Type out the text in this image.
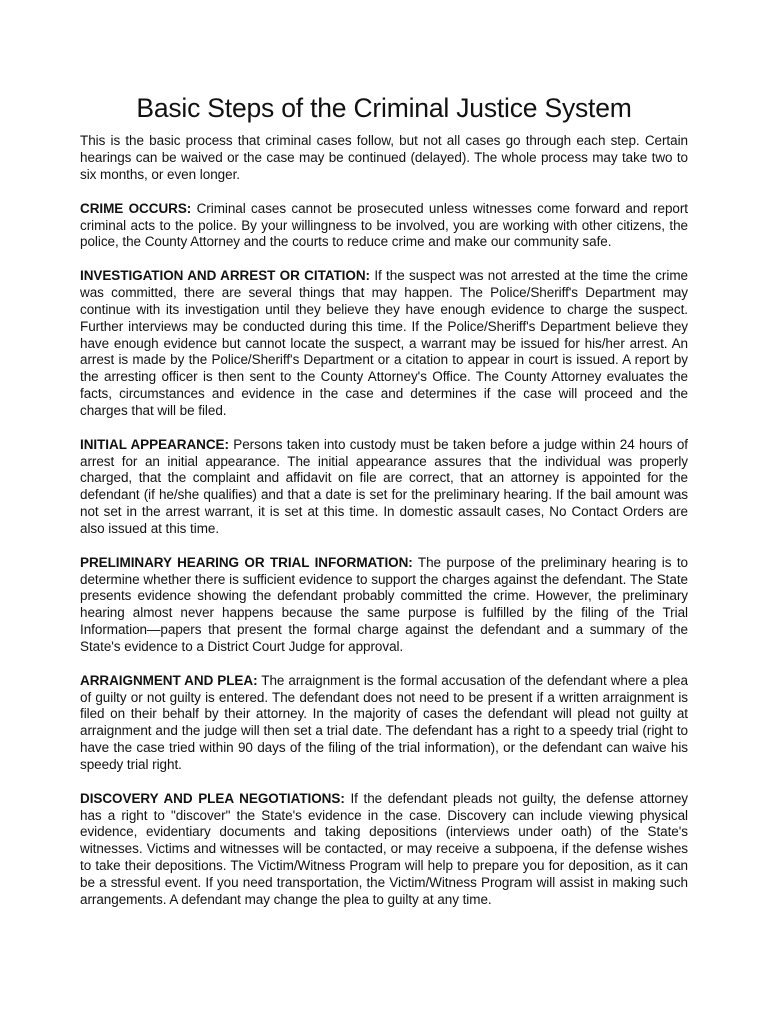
Basic Steps of the Criminal Justice System

This is the basic process that criminal cases follow, but not all cases go through each step. Certain hearings can be waived or the case may be continued (delayed). The whole process may take two to six months, or even longer.

CRIME OCCURS: Criminal cases cannot be prosecuted unless witnesses come forward and report criminal acts to the police. By your willingness to be involved, you are working with other citizens, the police, the County Attorney and the courts to reduce crime and make our community safe.

INVESTIGATION AND ARREST OR CITATION: If the suspect was not arrested at the time the crime was committed, there are several things that may happen. The Police/Sheriff's Department may continue with its investigation until they believe they have enough evidence to charge the suspect. Further interviews may be conducted during this time. If the Police/Sheriff's Department believe they have enough evidence but cannot locate the suspect, a warrant may be issued for his/her arrest. An arrest is made by the Police/Sheriff's Department or a citation to appear in court is issued. A report by the arresting officer is then sent to the County Attorney's Office. The County Attorney evaluates the facts, circumstances and evidence in the case and determines if the case will proceed and the charges that will be filed.

INITIAL APPEARANCE: Persons taken into custody must be taken before a judge within 24 hours of arrest for an initial appearance. The initial appearance assures that the individual was properly charged, that the complaint and affidavit on file are correct, that an attorney is appointed for the defendant (if he/she qualifies) and that a date is set for the preliminary hearing. If the bail amount was not set in the arrest warrant, it is set at this time. In domestic assault cases, No Contact Orders are also issued at this time.

PRELIMINARY HEARING OR TRIAL INFORMATION: The purpose of the preliminary hearing is to determine whether there is sufficient evidence to support the charges against the defendant. The State presents evidence showing the defendant probably committed the crime. However, the preliminary hearing almost never happens because the same purpose is fulfilled by the filing of the Trial Information—papers that present the formal charge against the defendant and a summary of the State's evidence to a District Court Judge for approval.

ARRAIGNMENT AND PLEA: The arraignment is the formal accusation of the defendant where a plea of guilty or not guilty is entered. The defendant does not need to be present if a written arraignment is filed on their behalf by their attorney. In the majority of cases the defendant will plead not guilty at arraignment and the judge will then set a trial date. The defendant has a right to a speedy trial (right to have the case tried within 90 days of the filing of the trial information), or the defendant can waive his speedy trial right.

DISCOVERY AND PLEA NEGOTIATIONS: If the defendant pleads not guilty, the defense attorney has a right to "discover" the State's evidence in the case. Discovery can include viewing physical evidence, evidentiary documents and taking depositions (interviews under oath) of the State's witnesses. Victims and witnesses will be contacted, or may receive a subpoena, if the defense wishes to take their depositions. The Victim/Witness Program will help to prepare you for deposition, as it can be a stressful event. If you need transportation, the Victim/Witness Program will assist in making such arrangements. A defendant may change the plea to guilty at any time.
